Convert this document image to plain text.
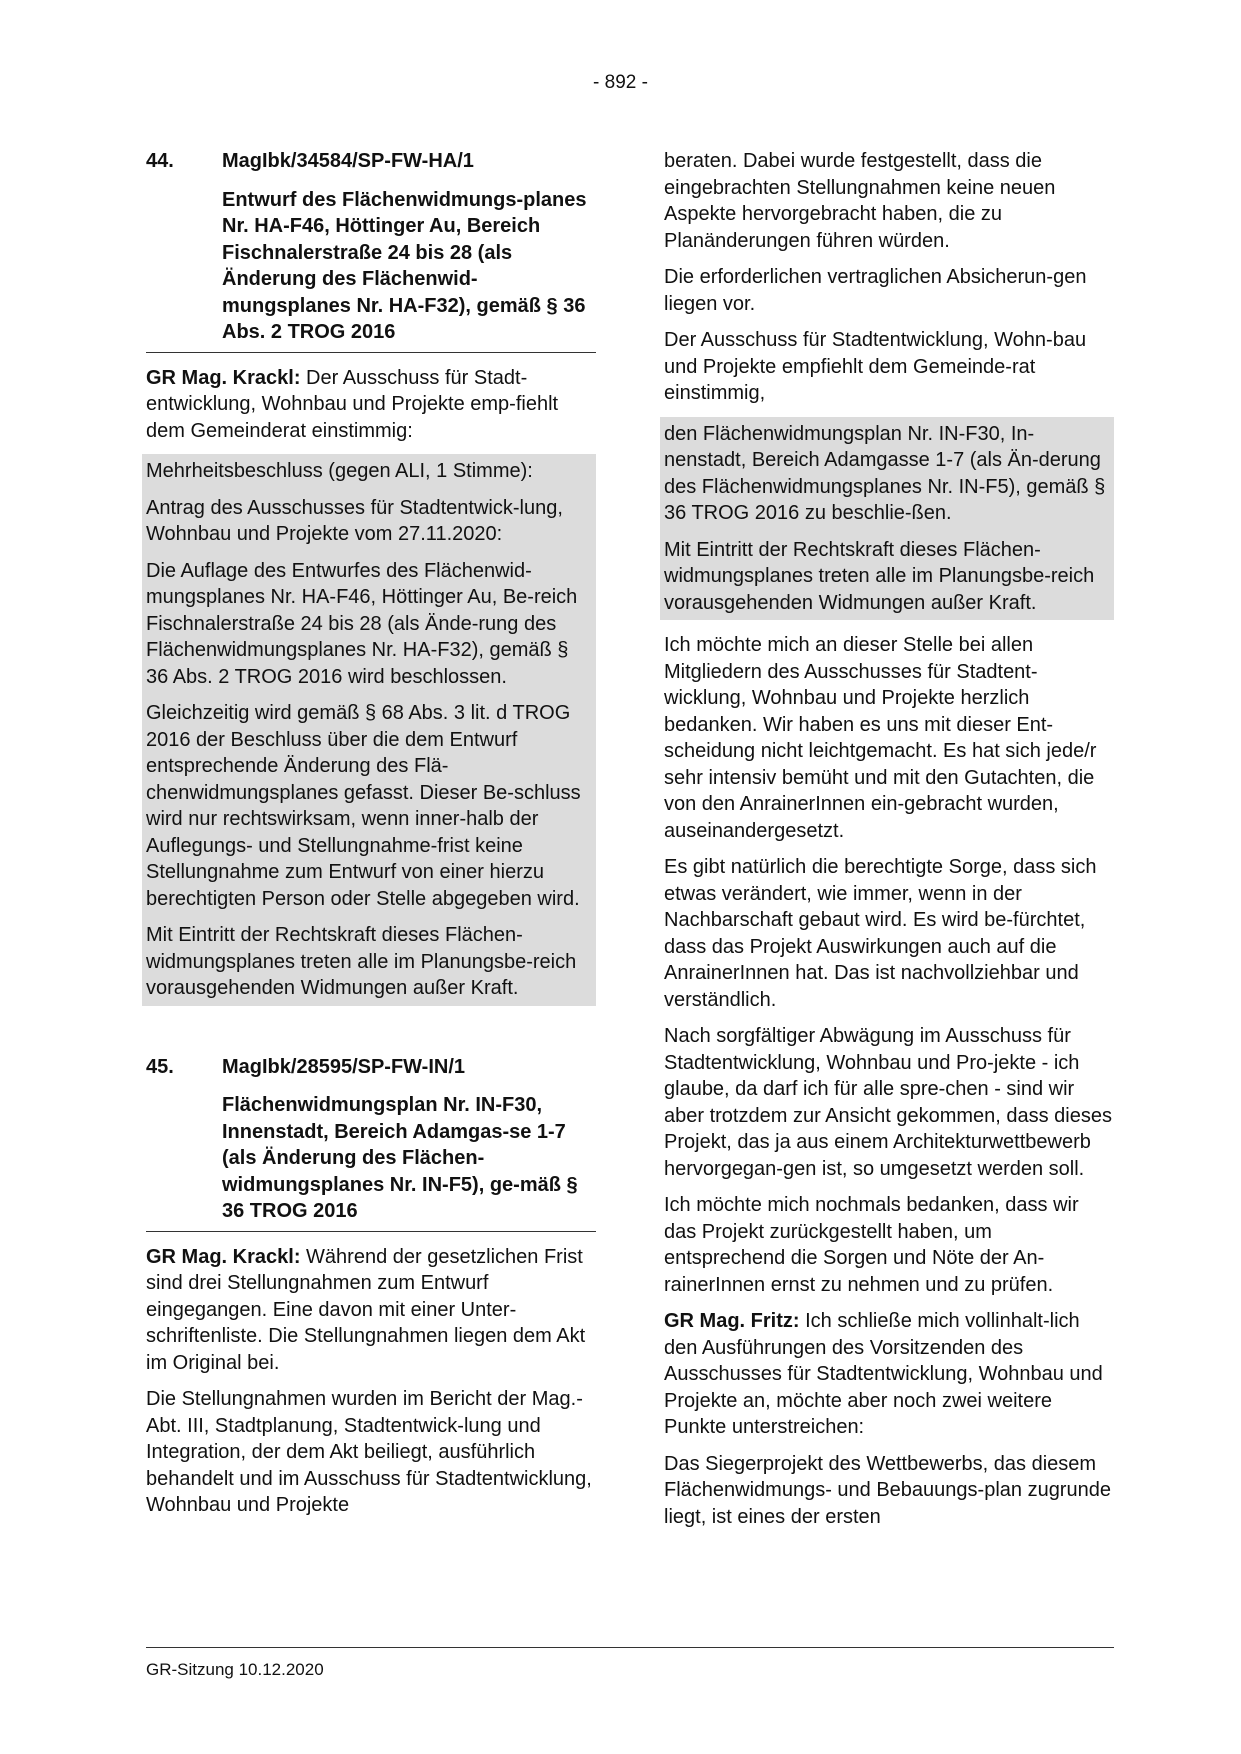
- 892 -
44. MagIbk/34584/SP-FW-HA/1
Entwurf des Flächenwidmungs-planes Nr. HA-F46, Höttinger Au, Bereich Fischnalerstraße 24 bis 28 (als Änderung des Flächenwid-mungsplanes Nr. HA-F32), gemäß § 36 Abs. 2 TROG 2016

GR Mag. Krackl: Der Ausschuss für Stadt-entwicklung, Wohnbau und Projekte emp-fiehlt dem Gemeinderat einstimmig:

Mehrheitsbeschluss (gegen ALI, 1 Stimme):

Antrag des Ausschusses für Stadtentwick-lung, Wohnbau und Projekte vom 27.11.2020:

Die Auflage des Entwurfes des Flächenwid-mungsplanes Nr. HA-F46, Höttinger Au, Be-reich Fischnalerstraße 24 bis 28 (als Ände-rung des Flächenwidmungsplanes Nr. HA-F32), gemäß § 36 Abs. 2 TROG 2016 wird beschlossen.

Gleichzeitig wird gemäß § 68 Abs. 3 lit. d TROG 2016 der Beschluss über die dem Entwurf entsprechende Änderung des Flä-chenwidmungsplanes gefasst. Dieser Be-schluss wird nur rechtswirksam, wenn inner-halb der Auflegungs- und Stellungnahme-frist keine Stellungnahme zum Entwurf von einer hierzu berechtigten Person oder Stelle abgegeben wird.

Mit Eintritt der Rechtskraft dieses Flächen-widmungsplanes treten alle im Planungsbe-reich vorausgehenden Widmungen außer Kraft.

45. MagIbk/28595/SP-FW-IN/1
Flächenwidmungsplan Nr. IN-F30, Innenstadt, Bereich Adamgas-se 1-7 (als Änderung des Flächen-widmungsplanes Nr. IN-F5), ge-mäß § 36 TROG 2016

GR Mag. Krackl: Während der gesetzlichen Frist sind drei Stellungnahmen zum Entwurf eingegangen. Eine davon mit einer Unter-schriftenliste. Die Stellungnahmen liegen dem Akt im Original bei.

Die Stellungnahmen wurden im Bericht der Mag.-Abt. III, Stadtplanung, Stadtentwick-lung und Integration, der dem Akt beiliegt, ausführlich behandelt und im Ausschuss für Stadtentwicklung, Wohnbau und Projekte

beraten. Dabei wurde festgestellt, dass die eingebrachten Stellungnahmen keine neuen Aspekte hervorgebracht haben, die zu Planänderungen führen würden.

Die erforderlichen vertraglichen Absicherun-gen liegen vor.

Der Ausschuss für Stadtentwicklung, Wohn-bau und Projekte empfiehlt dem Gemeinde-rat einstimmig,

den Flächenwidmungsplan Nr. IN-F30, In-nenstadt, Bereich Adamgasse 1-7 (als Än-derung des Flächenwidmungsplanes Nr. IN-F5), gemäß § 36 TROG 2016 zu beschlie-ßen.

Mit Eintritt der Rechtskraft dieses Flächen-widmungsplanes treten alle im Planungsbe-reich vorausgehenden Widmungen außer Kraft.

Ich möchte mich an dieser Stelle bei allen Mitgliedern des Ausschusses für Stadtent-wicklung, Wohnbau und Projekte herzlich bedanken. Wir haben es uns mit dieser Ent-scheidung nicht leichtgemacht. Es hat sich jede/r sehr intensiv bemüht und mit den Gutachten, die von den AnrainerInnen ein-gebracht wurden, auseinandergesetzt.

Es gibt natürlich die berechtigte Sorge, dass sich etwas verändert, wie immer, wenn in der Nachbarschaft gebaut wird. Es wird be-fürchtet, dass das Projekt Auswirkungen auch auf die AnrainerInnen hat. Das ist nachvollziehbar und verständlich.

Nach sorgfältiger Abwägung im Ausschuss für Stadtentwicklung, Wohnbau und Pro-jekte - ich glaube, da darf ich für alle spre-chen - sind wir aber trotzdem zur Ansicht gekommen, dass dieses Projekt, das ja aus einem Architekturwettbewerb hervorgegan-gen ist, so umgesetzt werden soll.

Ich möchte mich nochmals bedanken, dass wir das Projekt zurückgestellt haben, um entsprechend die Sorgen und Nöte der An-rainerInnen ernst zu nehmen und zu prüfen.

GR Mag. Fritz: Ich schließe mich vollinhalt-lich den Ausführungen des Vorsitzenden des Ausschusses für Stadtentwicklung, Wohnbau und Projekte an, möchte aber noch zwei weitere Punkte unterstreichen:

Das Siegerprojekt des Wettbewerbs, das diesem Flächenwidmungs- und Bebauungs-plan zugrunde liegt, ist eines der ersten

GR-Sitzung 10.12.2020
